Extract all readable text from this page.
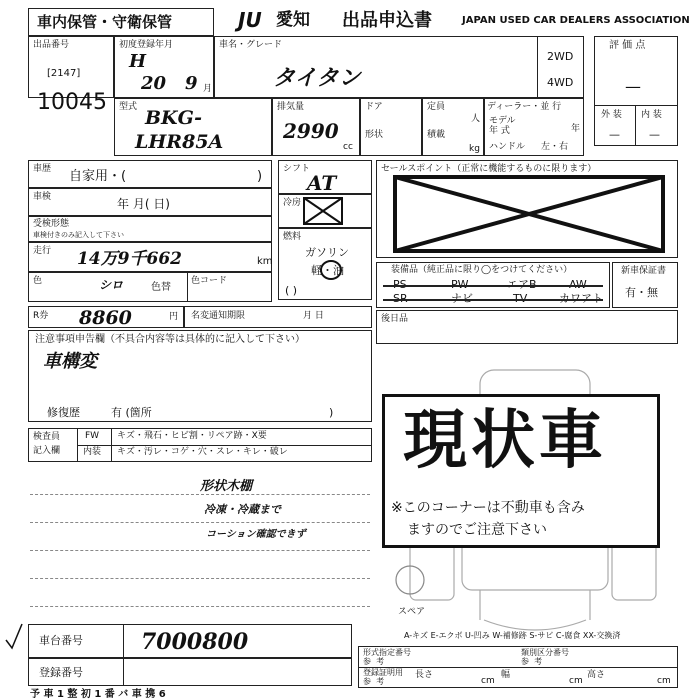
車内保管・守衛保管	JU 愛知 出品申込書	JAPAN USED CAR DEALERS ASSOCIATION
出品番号
[2147]
10045
初度登録年月
H
20 9 月
車名・グレード
タイタン
2WD
4WD
評 価 点
—
外 装 内 装
—	—
型式 BKG-
LHR85A
排気量
2990
cc
ドア
形状
定員
人
積載
kg
ディーラー・並 行
モデル
年 式	年
ハンドル 左・右
車歴 自家用・(	)
車検	年 月( 日)
受検形態
車検付きのみ記入して下さい
走行 14万9千662	km
色	シロ	色替
色コード
シフト
AT
冷房
燃料
ガソリン
軽・油
( )
セールスポイント（正常に機能するものに限ります）
装備品（純正品に限り◯をつけてください）
PS	PW	エアB	AW
SR	ナビ	TV	カワアト
新車保証書
有・無
R券 8860	円 名変通知期限	月 日	後日品
注意事項申告欄（不具合内容等は具体的に記入して下さい）
車構変
修復歴	有 (箇所	)
検査員
記入欄
FW キズ・飛石・ヒビ割・リペア跡・X要
内装 キズ・汚レ・コゲ・穴・スレ・キレ・破レ
形状木棚
冷凍・冷蔵まで
コーション確認できず
スペア
現状車
※このコーナーは不動車も含み
ますのでご注意下さい
A-キズ E-エクボ U-凹み W-補修跡 S-サビ C-腐食 XX-交換済
車台番号	7000800
登録番号
形式指定番号
参  考
類別区分番号
参  考
登録証明用
参  考
長さ
cm
幅
cm
高さ
cm
予 車 1 整 初 1 番 バ 車 携 6
